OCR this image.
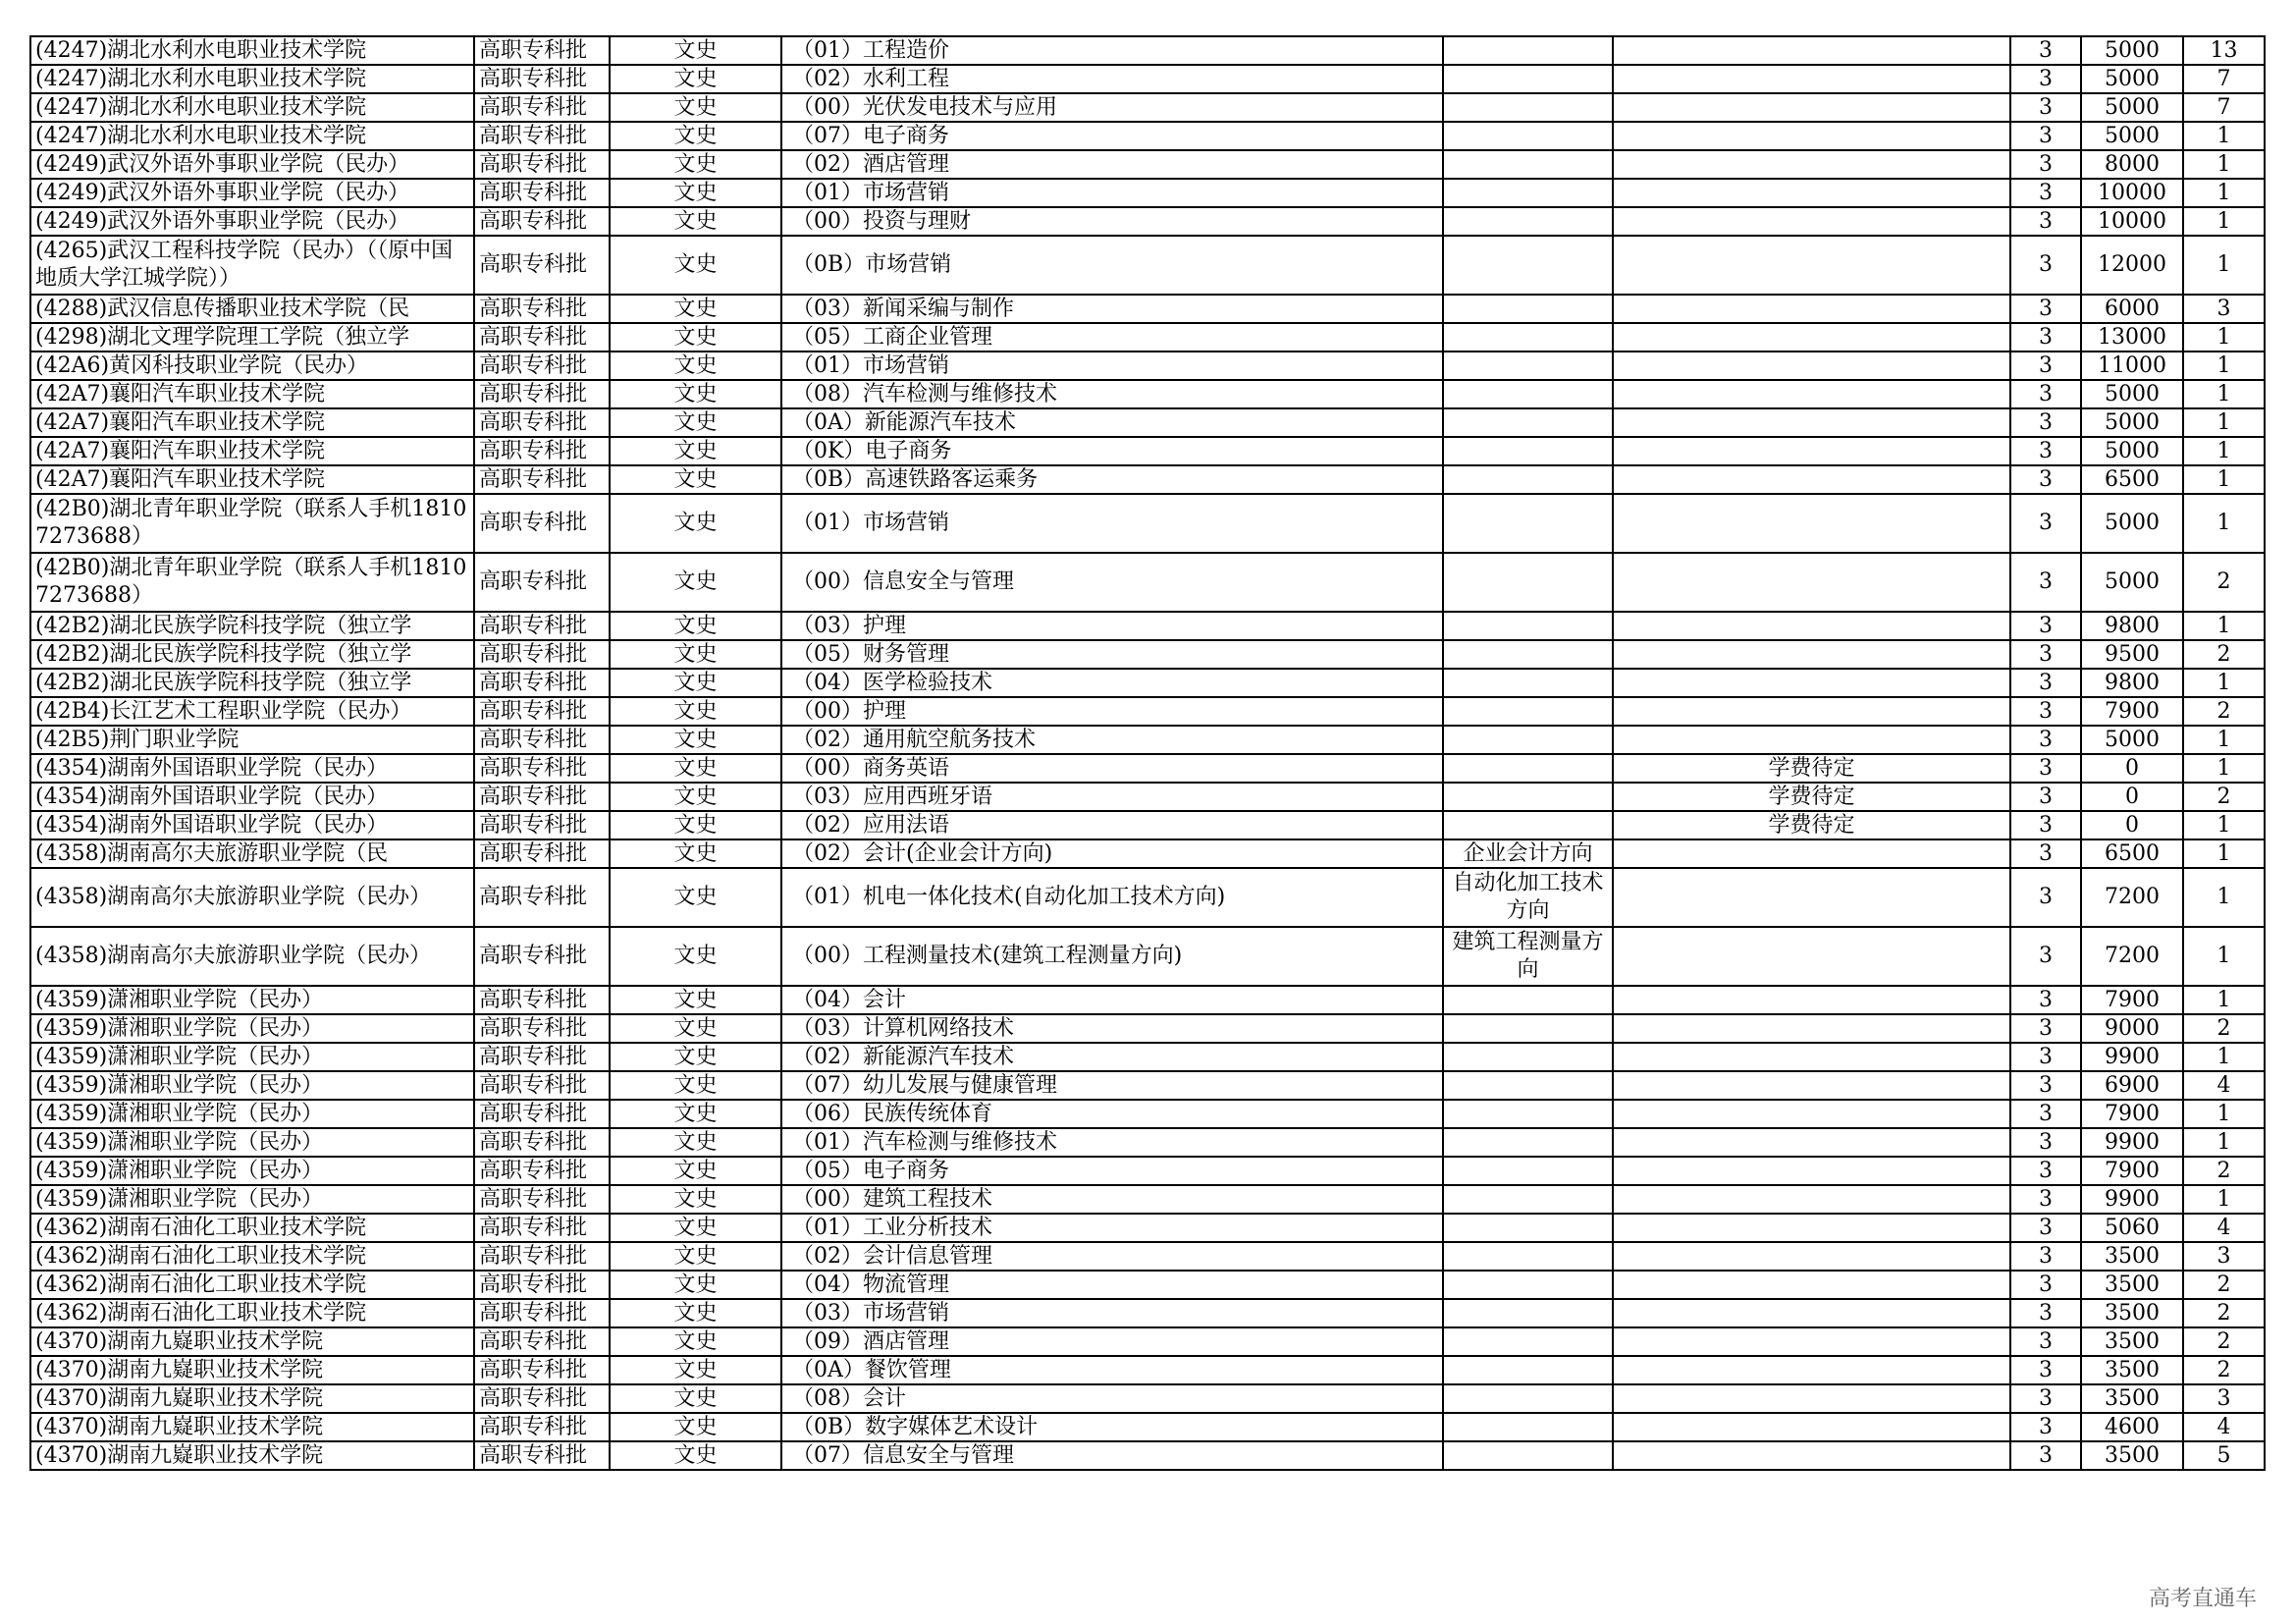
(4247)湖北水利水电职业技术学院	高职专科批	文史	（01）工程造价			3	5000	13
(4247)湖北水利水电职业技术学院	高职专科批	文史	（02）水利工程			3	5000	7
(4247)湖北水利水电职业技术学院	高职专科批	文史	（00）光伏发电技术与应用			3	5000	7
(4247)湖北水利水电职业技术学院	高职专科批	文史	（07）电子商务			3	5000	1
(4249)武汉外语外事职业学院（民办）	高职专科批	文史	（02）酒店管理			3	8000	1
(4249)武汉外语外事职业学院（民办）	高职专科批	文史	（01）市场营销			3	10000	1
(4249)武汉外语外事职业学院（民办）	高职专科批	文史	（00）投资与理财			3	10000	1
(4265)武汉工程科技学院（民办）（（原中国地质大学江城学院））	高职专科批	文史	（0B）市场营销			3	12000	1
(4288)武汉信息传播职业技术学院（民	高职专科批	文史	（03）新闻采编与制作			3	6000	3
(4298)湖北文理学院理工学院（独立学	高职专科批	文史	（05）工商企业管理			3	13000	1
(42A6)黄冈科技职业学院（民办）	高职专科批	文史	（01）市场营销			3	11000	1
(42A7)襄阳汽车职业技术学院	高职专科批	文史	（08）汽车检测与维修技术			3	5000	1
(42A7)襄阳汽车职业技术学院	高职专科批	文史	（0A）新能源汽车技术			3	5000	1
(42A7)襄阳汽车职业技术学院	高职专科批	文史	（0K）电子商务			3	5000	1
(42A7)襄阳汽车职业技术学院	高职专科批	文史	（0B）高速铁路客运乘务			3	6500	1
(42B0)湖北青年职业学院（联系人手机18107273688）	高职专科批	文史	（01）市场营销			3	5000	1
(42B0)湖北青年职业学院（联系人手机18107273688）	高职专科批	文史	（00）信息安全与管理			3	5000	2
(42B2)湖北民族学院科技学院（独立学	高职专科批	文史	（03）护理			3	9800	1
(42B2)湖北民族学院科技学院（独立学	高职专科批	文史	（05）财务管理			3	9500	2
(42B2)湖北民族学院科技学院（独立学	高职专科批	文史	（04）医学检验技术			3	9800	1
(42B4)长江艺术工程职业学院（民办）	高职专科批	文史	（00）护理			3	7900	2
(42B5)荆门职业学院	高职专科批	文史	（02）通用航空航务技术			3	5000	1
(4354)湖南外国语职业学院（民办）	高职专科批	文史	（00）商务英语		学费待定	3	0	1
(4354)湖南外国语职业学院（民办）	高职专科批	文史	（03）应用西班牙语		学费待定	3	0	2
(4354)湖南外国语职业学院（民办）	高职专科批	文史	（02）应用法语		学费待定	3	0	1
(4358)湖南高尔夫旅游职业学院（民	高职专科批	文史	（02）会计(企业会计方向)	企业会计方向		3	6500	1
(4358)湖南高尔夫旅游职业学院（民办）	高职专科批	文史	（01）机电一体化技术(自动化加工技术方向)	自动化加工技术方向		3	7200	1
(4358)湖南高尔夫旅游职业学院（民办）	高职专科批	文史	（00）工程测量技术(建筑工程测量方向)	建筑工程测量方向		3	7200	1
(4359)潇湘职业学院（民办）	高职专科批	文史	（04）会计			3	7900	1
(4359)潇湘职业学院（民办）	高职专科批	文史	（03）计算机网络技术			3	9000	2
(4359)潇湘职业学院（民办）	高职专科批	文史	（02）新能源汽车技术			3	9900	1
(4359)潇湘职业学院（民办）	高职专科批	文史	（07）幼儿发展与健康管理			3	6900	4
(4359)潇湘职业学院（民办）	高职专科批	文史	（06）民族传统体育			3	7900	1
(4359)潇湘职业学院（民办）	高职专科批	文史	（01）汽车检测与维修技术			3	9900	1
(4359)潇湘职业学院（民办）	高职专科批	文史	（05）电子商务			3	7900	2
(4359)潇湘职业学院（民办）	高职专科批	文史	（00）建筑工程技术			3	9900	1
(4362)湖南石油化工职业技术学院	高职专科批	文史	（01）工业分析技术			3	5060	4
(4362)湖南石油化工职业技术学院	高职专科批	文史	（02）会计信息管理			3	3500	3
(4362)湖南石油化工职业技术学院	高职专科批	文史	（04）物流管理			3	3500	2
(4362)湖南石油化工职业技术学院	高职专科批	文史	（03）市场营销			3	3500	2
(4370)湖南九嶷职业技术学院	高职专科批	文史	（09）酒店管理			3	3500	2
(4370)湖南九嶷职业技术学院	高职专科批	文史	（0A）餐饮管理			3	3500	2
(4370)湖南九嶷职业技术学院	高职专科批	文史	（08）会计			3	3500	3
(4370)湖南九嶷职业技术学院	高职专科批	文史	（0B）数字媒体艺术设计			3	4600	4
(4370)湖南九嶷职业技术学院	高职专科批	文史	（07）信息安全与管理			3	3500	5
高考直通车
